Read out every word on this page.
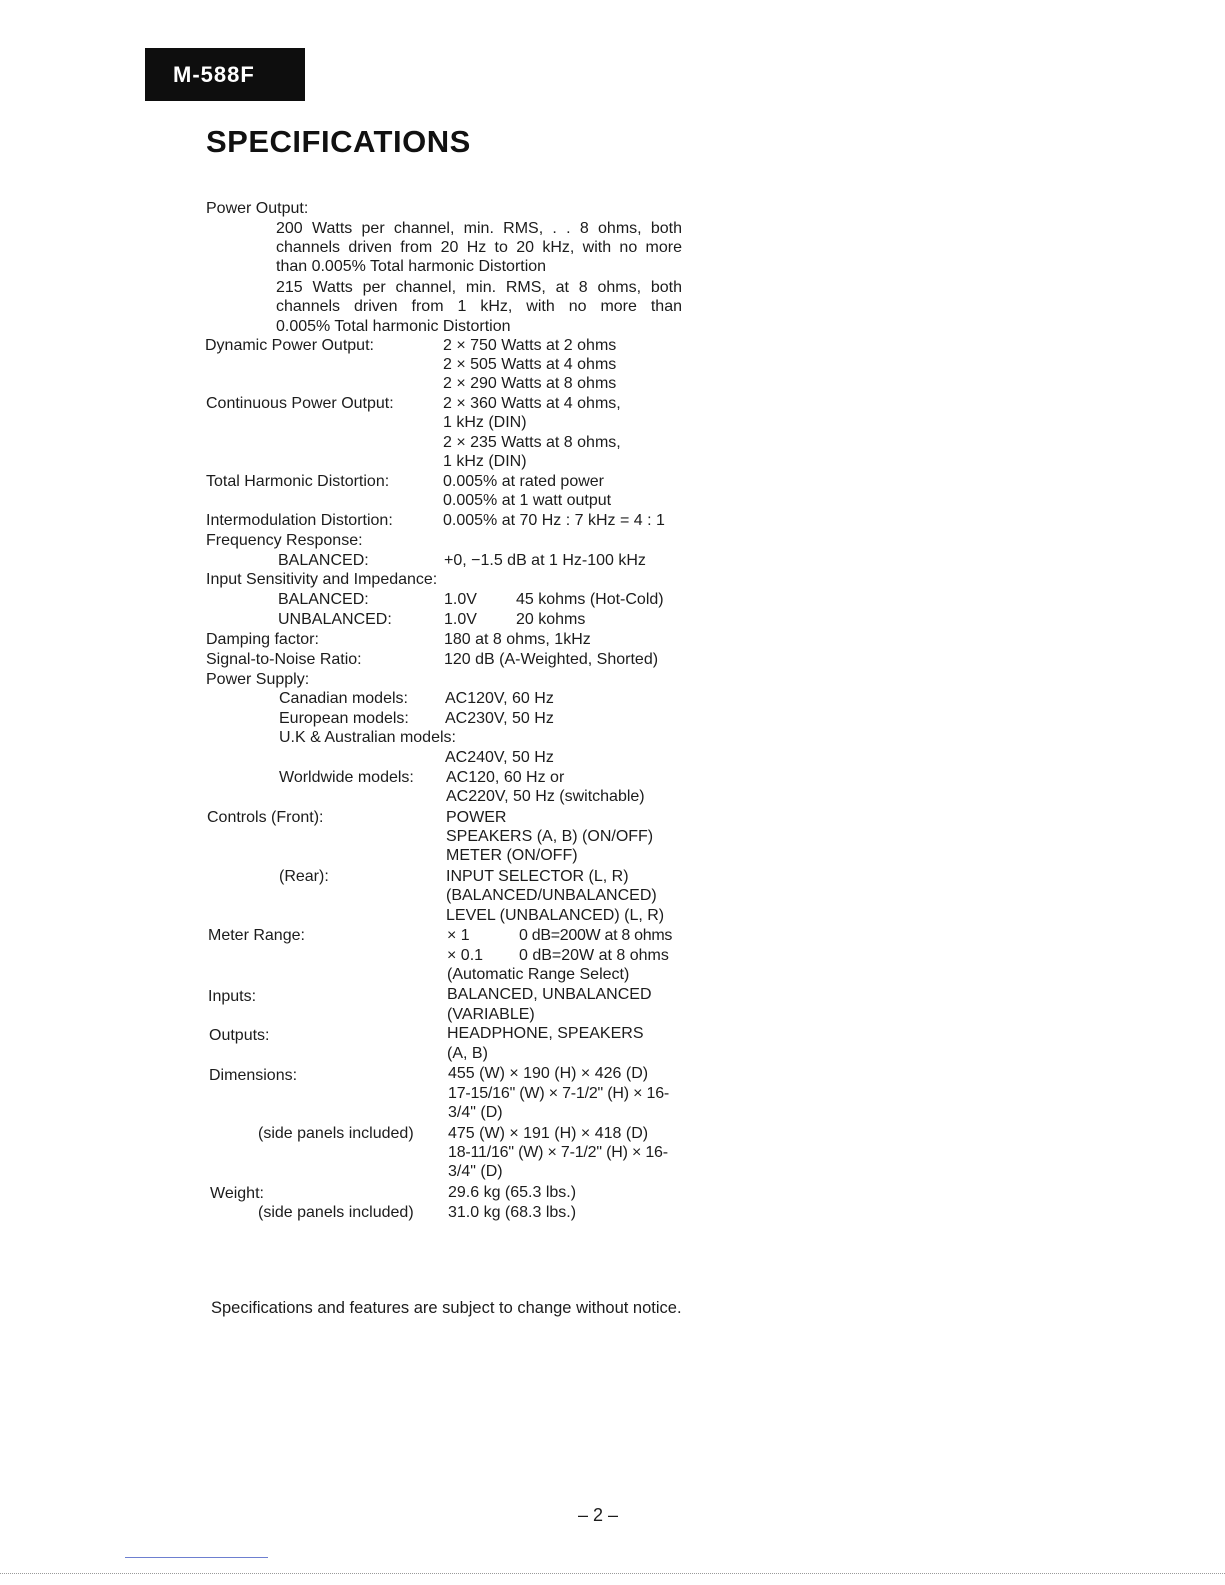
M-588F
SPECIFICATIONS
Power Output:
200 Watts per channel, min. RMS, . . 8 ohms, both
channels driven from 20 Hz to 20 kHz, with no more
than 0.005% Total harmonic Distortion
215 Watts per channel, min. RMS, at 8 ohms, both
channels driven from 1 kHz, with no more than
0.005% Total harmonic Distortion
Dynamic Power Output:	2 × 750 Watts at 2 ohms
2 × 505 Watts at 4 ohms
2 × 290 Watts at 8 ohms
Continuous Power Output:	2 × 360 Watts at 4 ohms,
1 kHz (DIN)
2 × 235 Watts at 8 ohms,
1 kHz (DIN)
Total Harmonic Distortion:	0.005% at rated power
0.005% at 1 watt output
Intermodulation Distortion:	0.005% at 70 Hz : 7 kHz = 4 : 1
Frequency Response:
BALANCED:	+0, −1.5 dB at 1 Hz-100 kHz
Input Sensitivity and Impedance:
BALANCED:	1.0V 45 kohms (Hot-Cold)
UNBALANCED:	1.0V 20 kohms
Damping factor:	180 at 8 ohms, 1kHz
Signal-to-Noise Ratio:	120 dB (A-Weighted, Shorted)
Power Supply:
Canadian models: AC120V, 60 Hz
European models: AC230V, 50 Hz
U.K & Australian models:
AC240V, 50 Hz
Worldwide models: AC120, 60 Hz or
AC220V, 50 Hz (switchable)
Controls (Front):	POWER
SPEAKERS (A, B) (ON/OFF)
METER (ON/OFF)
(Rear):	INPUT SELECTOR (L, R)
(BALANCED/UNBALANCED)
LEVEL (UNBALANCED) (L, R)
Meter Range:	× 1	0 dB=200W at 8 ohms
× 0.1 0 dB=20W at 8 ohms
(Automatic Range Select)
Inputs:	BALANCED, UNBALANCED
(VARIABLE)
Outputs:	HEADPHONE, SPEAKERS
(A, B)
Dimensions:	455 (W) × 190 (H) × 426 (D)
17-15/16" (W) × 7-1/2" (H) × 16-
3/4" (D)
(side panels included) 475 (W) × 191 (H) × 418 (D)
18-11/16" (W) × 7-1/2" (H) × 16-
3/4" (D)
Weight:	29.6 kg (65.3 lbs.)
(side panels included) 31.0 kg (68.3 lbs.)
Specifications and features are subject to change without notice.
– 2 –
